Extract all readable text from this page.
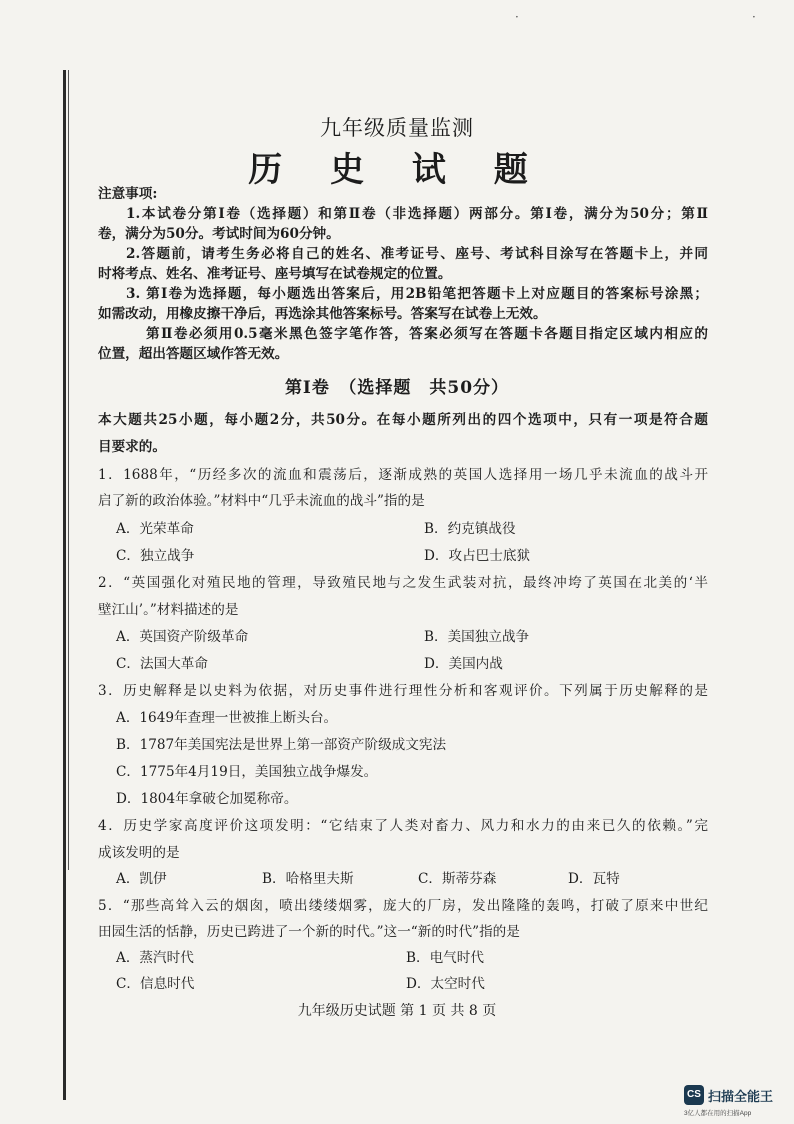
·	·
九年级质量监测
历 史 试 题
注意事项:
1.本试卷分第Ⅰ卷（选择题）和第Ⅱ卷（非选择题）两部分。第Ⅰ卷，满分为50分；第Ⅱ
卷，满分为50分。考试时间为60分钟。
2.答题前，请考生务必将自己的姓名、准考证号、座号、考试科目涂写在答题卡上，并同
时将考点、姓名、准考证号、座号填写在试卷规定的位置。
3. 第Ⅰ卷为选择题，每小题选出答案后，用2B铅笔把答题卡上对应题目的答案标号涂黑；
如需改动，用橡皮擦干净后，再选涂其他答案标号。答案写在试卷上无效。
第Ⅱ卷必须用0.5毫米黑色签字笔作答，答案必须写在答题卡各题目指定区域内相应的
位置，超出答题区域作答无效。
第Ⅰ卷　（选择题　共50分）
本大题共25小题，每小题2分，共50分。在每小题所列出的四个选项中，只有一项是符合题
目要求的。
1．1688年，“历经多次的流血和震荡后，逐渐成熟的英国人选择用一场几乎未流血的战斗开
启了新的政治体验。”材料中“几乎未流血的战斗”指的是
A．光荣革命	B．约克镇战役
C．独立战争	D．攻占巴士底狱
2．“英国强化对殖民地的管理，导致殖民地与之发生武装对抗，最终冲垮了英国在北美的‘半
壁江山’。”材料描述的是
A．英国资产阶级革命	B．美国独立战争
C．法国大革命	D．美国内战
3．历史解释是以史料为依据，对历史事件进行理性分析和客观评价。下列属于历史解释的是
A．1649年查理一世被推上断头台。
B．1787年美国宪法是世界上第一部资产阶级成文宪法
C．1775年4月19日，美国独立战争爆发。
D．1804年拿破仑加冕称帝。
4．历史学家高度评价这项发明：“它结束了人类对畜力、风力和水力的由来已久的依赖。”完
成该发明的是
A．凯伊	B．哈格里夫斯	C．斯蒂芬森	D．瓦特
5．“那些高耸入云的烟囱，喷出缕缕烟雾，庞大的厂房，发出隆隆的轰鸣，打破了原来中世纪
田园生活的恬静，历史已跨进了一个新的时代。”这一“新的时代”指的是
A．蒸汽时代	B．电气时代
C．信息时代	D．太空时代
九年级历史试题 第 1 页 共 8 页
CS 扫描全能王
3亿人都在用的扫描App
